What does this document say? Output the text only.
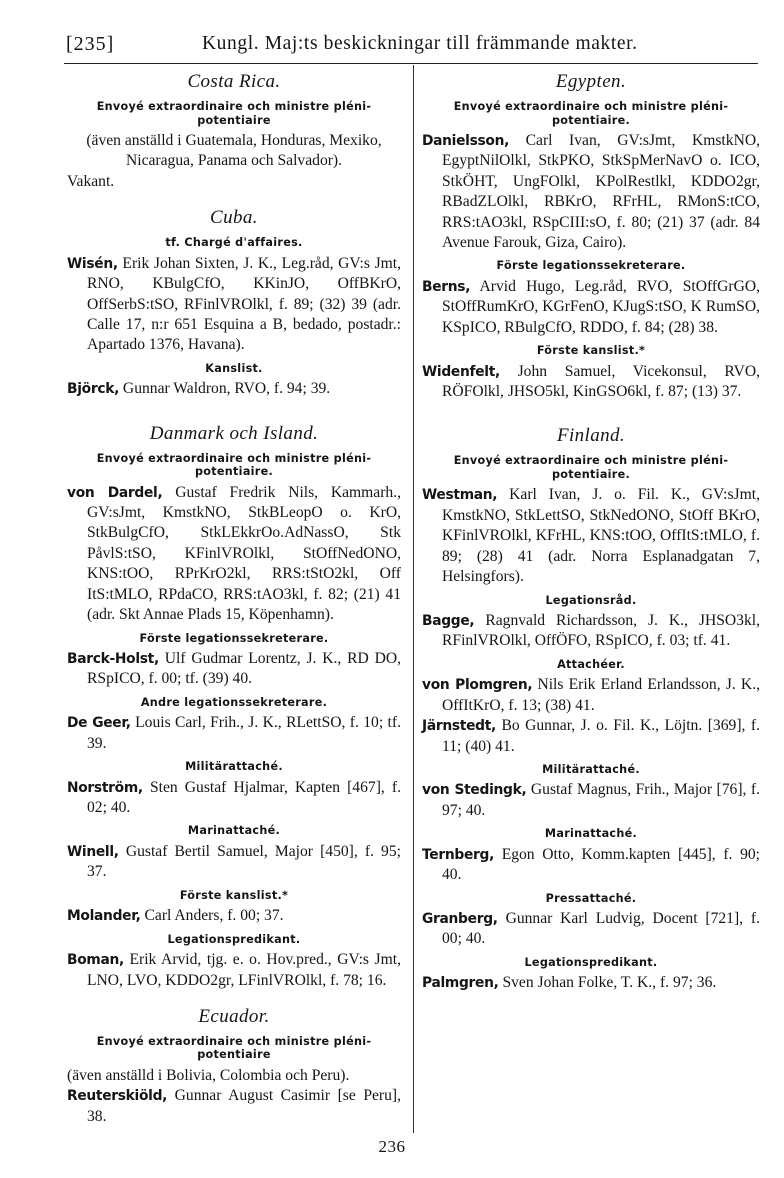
[235]	Kungl. Maj:ts beskickningar till främmande makter.
Costa Rica.
Envoyé extraordinaire och ministre pléni-potentiaire

(även anställd i Guatemala, Honduras, Mexiko, Nicaragua, Panama och Salvador).

Vakant.

Cuba.
tf. Chargé d'affaires.

Wisén, Erik Johan Sixten, J. K., Leg.råd, GV:s Jmt, RNO, KBulgCfO, KKinJO, OffBKrO, OffSerbS:tSO, RFinlVROlkl, f. 89; (32) 39 (adr. Calle 17, n:r 651 Esquina a B, bedado, postadr.: Apartado 1376, Havana).

Kanslist.

Björck, Gunnar Waldron, RVO, f. 94; 39.

Danmark och Island.
Envoyé extraordinaire och ministre pléni-potentiaire.

von Dardel, Gustaf Fredrik Nils, Kammarh., GV:sJmt, KmstkNO, StkBLeopO o. KrO, StkBulgCfO, StkLEkkrOo.AdNassO, Stk PåvlS:tSO, KFinlVROlkl, StOffNedONO, KNS:tOO, RPrKrO2kl, RRS:tStO2kl, Off ItS:tMLO, RPdaCO, RRS:tAO3kl, f. 82; (21) 41 (adr. Skt Annae Plads 15, Köpenhamn).

Förste legationssekreterare.

Barck-Holst, Ulf Gudmar Lorentz, J. K., RD DO, RSpICO, f. 00; tf. (39) 40.

Andre legationssekreterare.

De Geer, Louis Carl, Frih., J. K., RLettSO, f. 10; tf. 39.

Militärattaché.

Norström, Sten Gustaf Hjalmar, Kapten [467], f. 02; 40.

Marinattaché.

Winell, Gustaf Bertil Samuel, Major [450], f. 95; 37.

Förste kanslist.*

Molander, Carl Anders, f. 00; 37.

Legationspredikant.

Boman, Erik Arvid, tjg. e. o. Hov.pred., GV:s Jmt, LNO, LVO, KDDO2gr, LFinlVROlkl, f. 78; 16.

Ecuador.
Envoyé extraordinaire och ministre pléni-potentiaire

(även anställd i Bolivia, Colombia och Peru).

Reuterskiöld, Gunnar August Casimir [se Peru], 38.

Egypten.
Envoyé extraordinaire och ministre pléni-potentiaire.

Danielsson, Carl Ivan, GV:sJmt, KmstkNO, EgyptNilOlkl, StkPKO, StkSpMerNavO o. ICO, StkÖHT, UngFOlkl, KPolRestlkl, KDDO2gr, RBadZLOlkl, RBKrO, RFrHL, RMonS:tCO, RRS:tAO3kl, RSpCIII:sO, f. 80; (21) 37 (adr. 84 Avenue Farouk, Giza, Cairo).

Förste legationssekreterare.

Berns, Arvid Hugo, Leg.råd, RVO, StOffGrGO, StOffRumKrO, KGrFenO, KJugS:tSO, K RumSO, KSpICO, RBulgCfO, RDDO, f. 84; (28) 38.

Förste kanslist.*

Widenfelt, John Samuel, Vicekonsul, RVO, RÖFOlkl, JHSO5kl, KinGSO6kl, f. 87; (13) 37.

Finland.
Envoyé extraordinaire och ministre pléni-potentiaire.

Westman, Karl Ivan, J. o. Fil. K., GV:sJmt, KmstkNO, StkLettSO, StkNedONO, StOff BKrO, KFinlVROlkl, KFrHL, KNS:tOO, OffItS:tMLO, f. 89; (28) 41 (adr. Norra Esplanadgatan 7, Helsingfors).

Legationsråd.

Bagge, Ragnvald Richardsson, J. K., JHSO3kl, RFinlVROlkl, OffÖFO, RSpICO, f. 03; tf. 41.

Attachéer.

von Plomgren, Nils Erik Erland Erlandsson, J. K., OffItKrO, f. 13; (38) 41.

Järnstedt, Bo Gunnar, J. o. Fil. K., Löjtn. [369], f. 11; (40) 41.

Militärattaché.

von Stedingk, Gustaf Magnus, Frih., Major [76], f. 97; 40.

Marinattaché.

Ternberg, Egon Otto, Komm.kapten [445], f. 90; 40.

Pressattaché.

Granberg, Gunnar Karl Ludvig, Docent [721], f. 00; 40.

Legationspredikant.

Palmgren, Sven Johan Folke, T. K., f. 97; 36.

236
